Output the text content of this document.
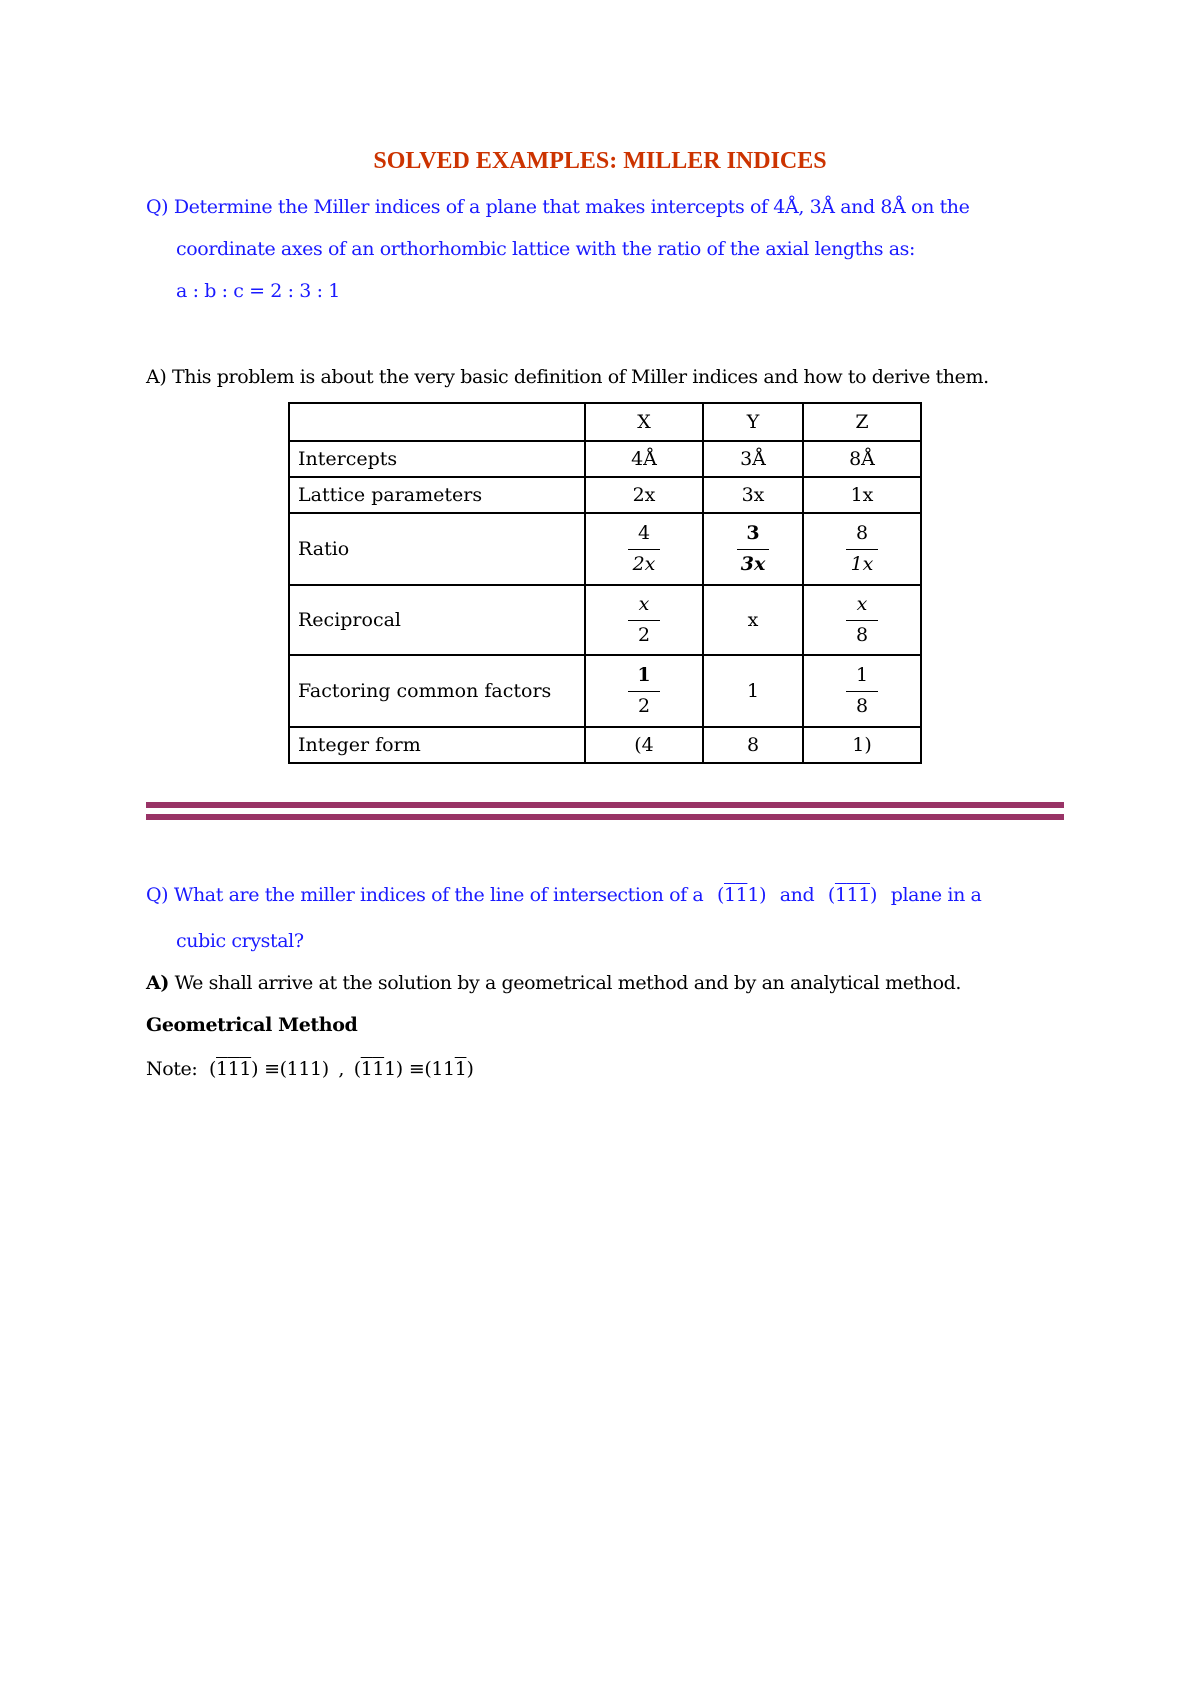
SOLVED EXAMPLES: MILLER INDICES
Q) Determine the Miller indices of a plane that makes intercepts of 4Å, 3Å and 8Å on the
coordinate axes of an orthorhombic lattice with the ratio of the axial lengths as:
a : b : c = 2 : 3 : 1
A) This problem is about the very basic definition of Miller indices and how to derive them.
	X	Y	Z
Intercepts	4Å	3Å	8Å
Lattice parameters	2x	3x	1x
Ratio	$\frac{4}{2x}$	$\frac{3}{3x}$	$\frac{8}{1x}$

Reciprocal	$\frac{x}{2}$	x	$\frac{x}{8}$

Factoring common factors	$\frac{1}{2}$	1	$\frac{1}{8}$

Integer form	(4	8	1)
Q) What are the miller indices of the line of intersection of a (111) and (111) plane in a
cubic crystal?
A) We shall arrive at the solution by a geometrical method and by an analytical method.
Geometrical Method
Note: (111) ≡(111) , (111) ≡(111)
